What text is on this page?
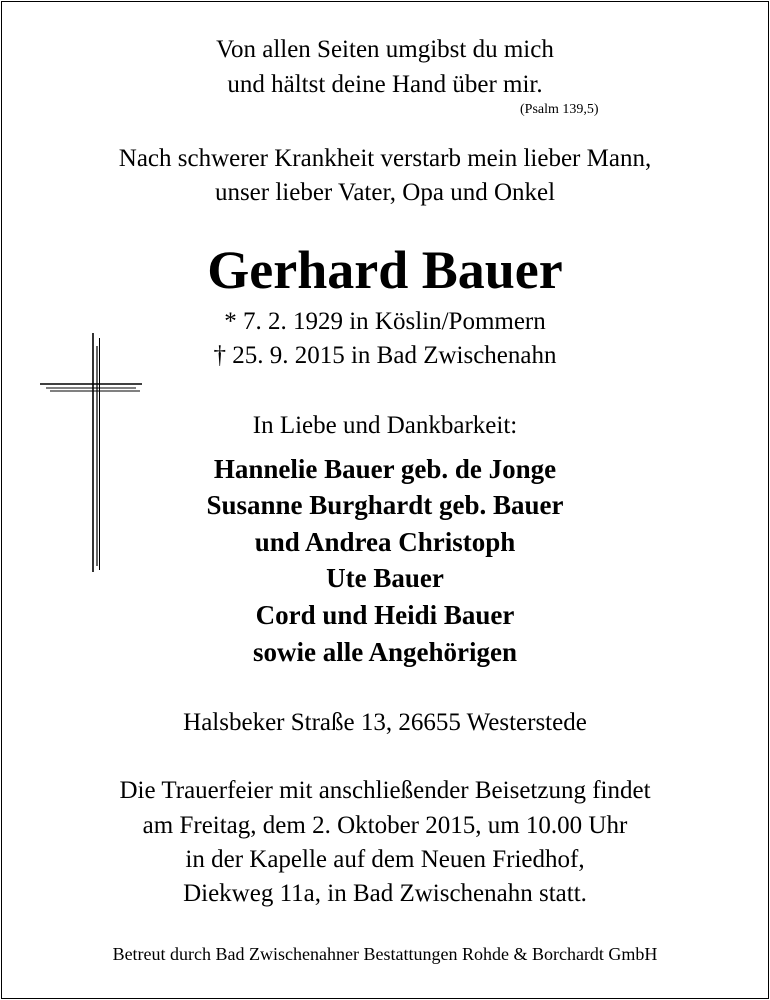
Von allen Seiten umgibst du mich
und hältst deine Hand über mir.
(Psalm 139,5)
Nach schwerer Krankheit verstarb mein lieber Mann,
unser lieber Vater, Opa und Onkel
Gerhard Bauer
* 7. 2. 1929 in Köslin/Pommern
† 25. 9. 2015 in Bad Zwischenahn
In Liebe und Dankbarkeit:
Hannelie Bauer geb. de Jonge
Susanne Burghardt geb. Bauer
und Andrea Christoph
Ute Bauer
Cord und Heidi Bauer
sowie alle Angehörigen
Halsbeker Straße 13, 26655 Westerstede
Die Trauerfeier mit anschließender Beisetzung findet
am Freitag, dem 2. Oktober 2015, um 10.00 Uhr
in der Kapelle auf dem Neuen Friedhof,
Diekweg 11a, in Bad Zwischenahn statt.
Betreut durch Bad Zwischenahner Bestattungen Rohde & Borchardt GmbH
